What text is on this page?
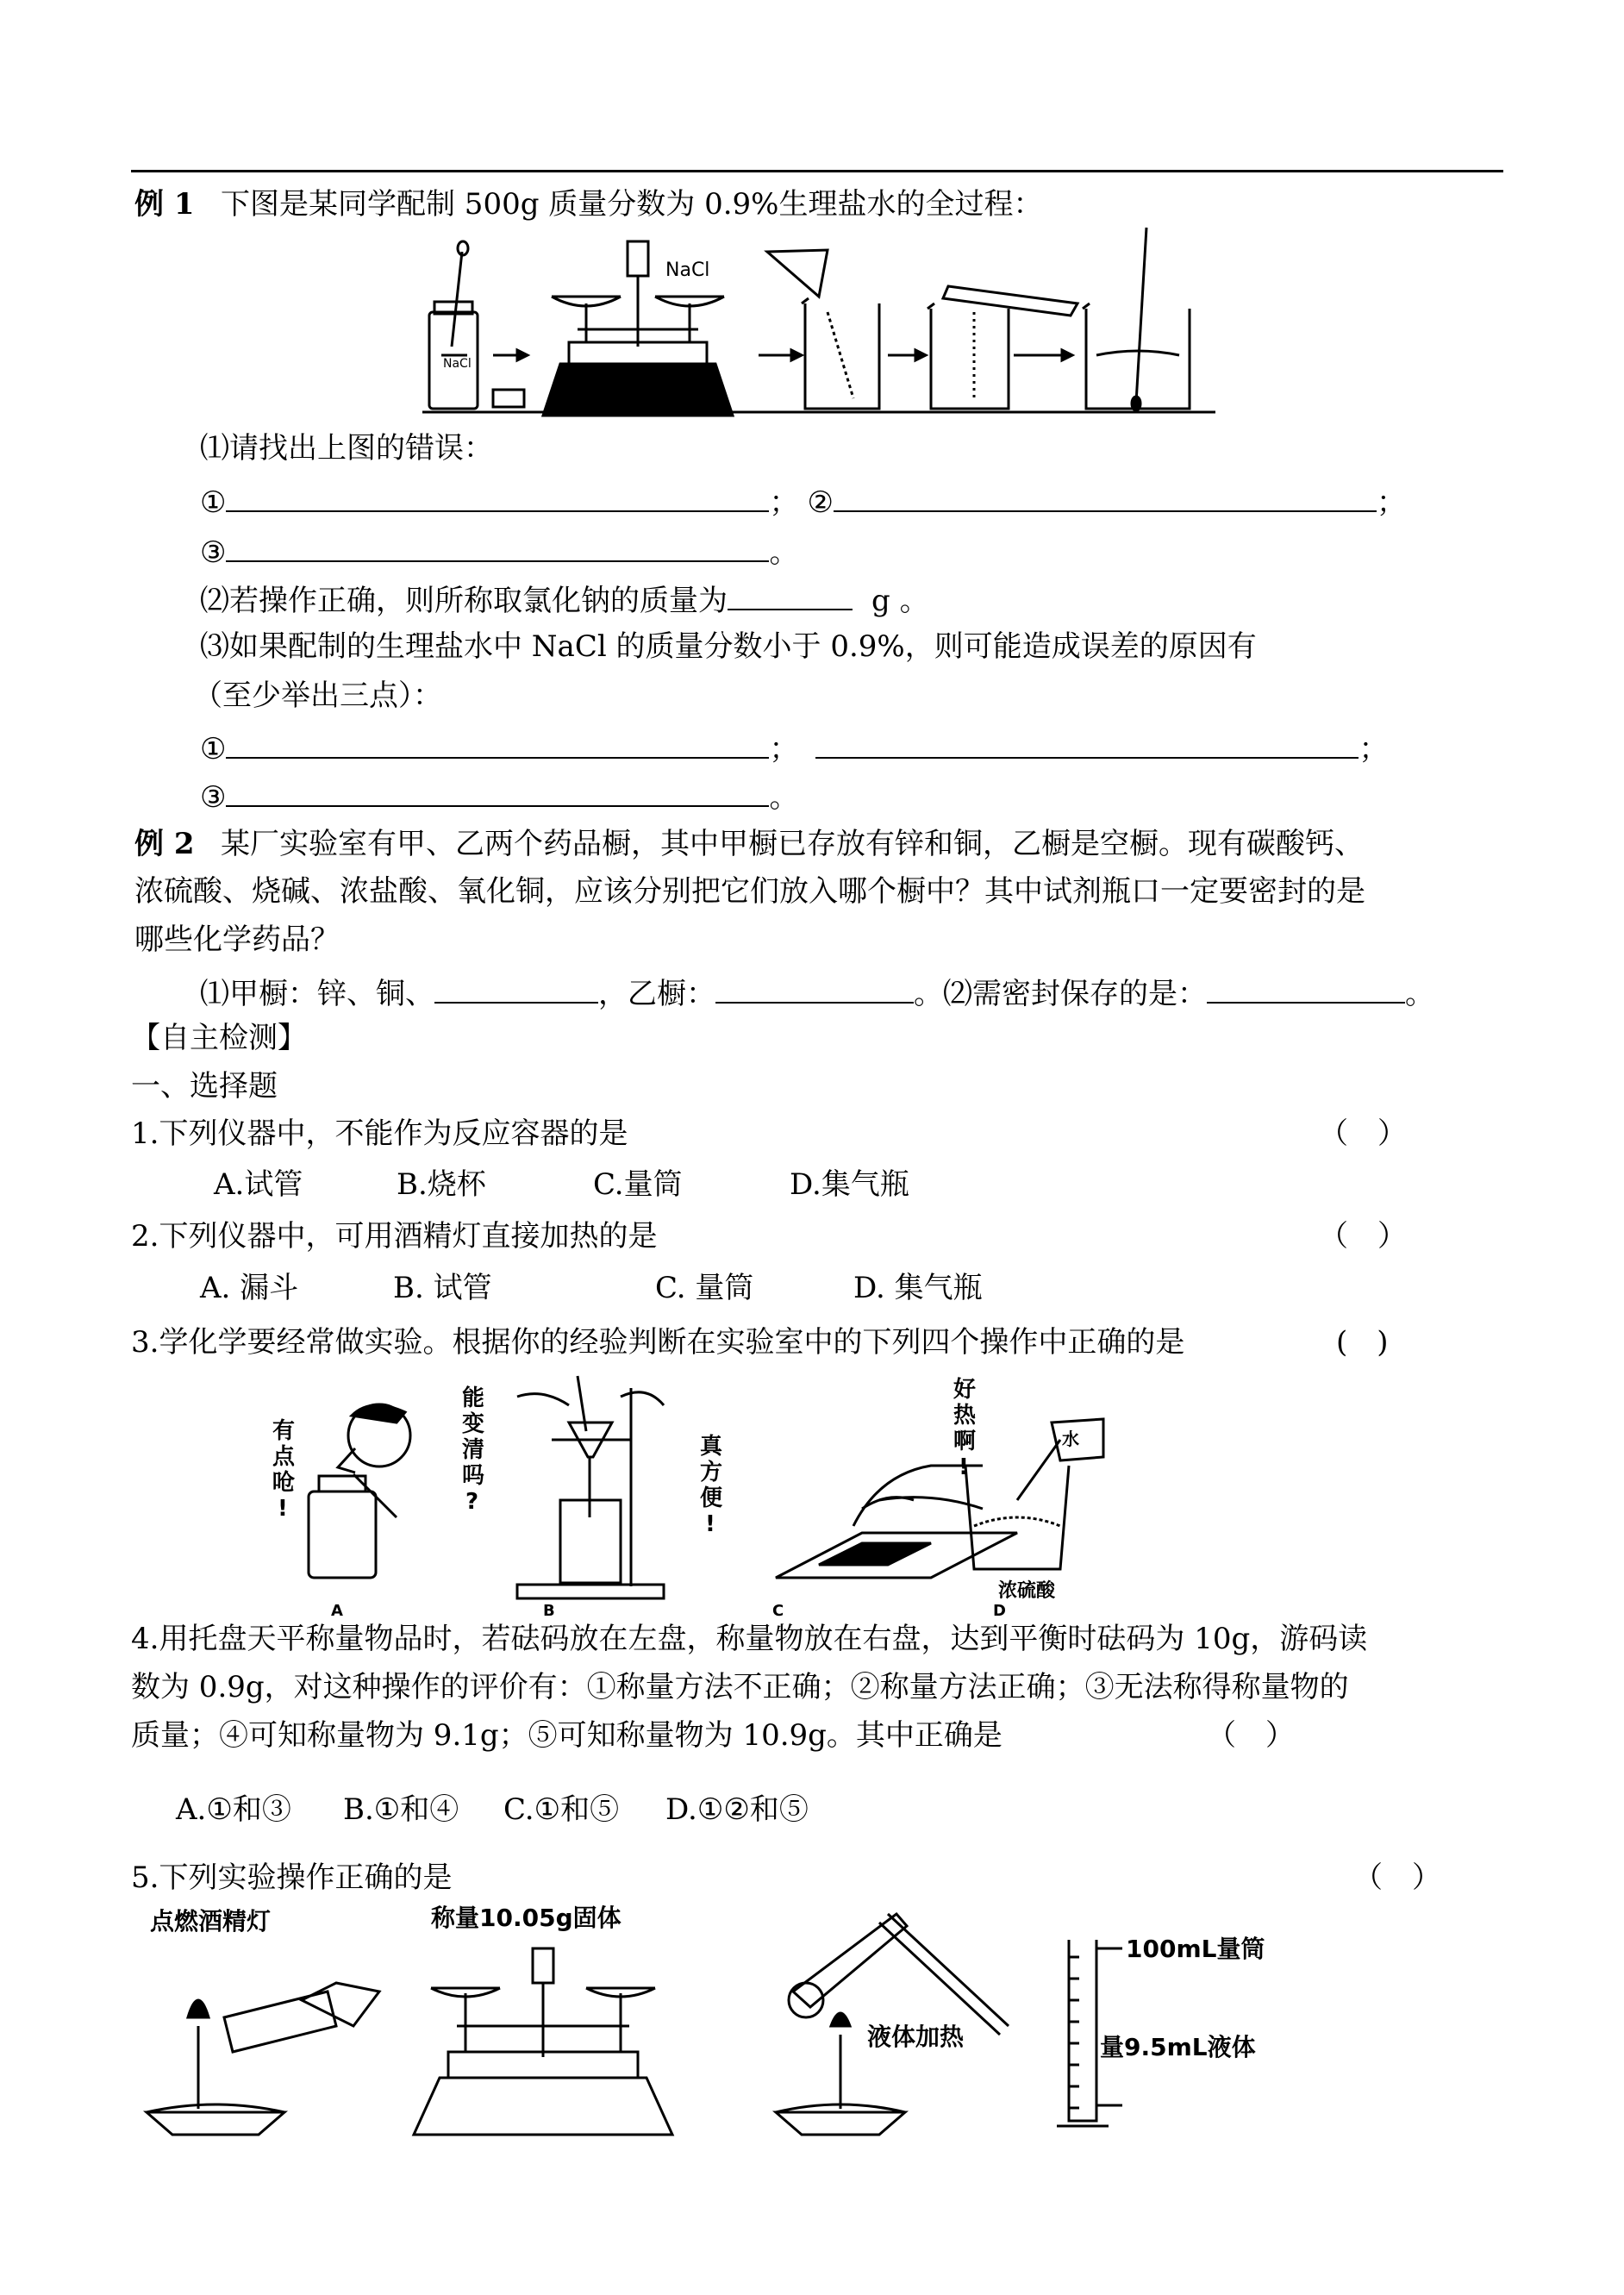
例 1 下图是某同学配制 500g 质量分数为 0.9%生理盐水的全过程：
NaCl
NaCl
⑴请找出上图的错误：
①	； ②	；
③	。
⑵若操作正确，则所称取氯化钠的质量为	g 。
⑶如果配制的生理盐水中 NaCl 的质量分数小于 0.9%，则可能造成误差的原因有
（至少举出三点）：
①	；	；
③	。
例 2 某厂实验室有甲、乙两个药品橱，其中甲橱已存放有锌和铜，乙橱是空橱。现有碳酸钙、
浓硫酸、烧碱、浓盐酸、氧化铜，应该分别把它们放入哪个橱中？其中试剂瓶口一定要密封的是
哪些化学药品？
⑴甲橱：锌、铜、	，乙橱：	。⑵需密封保存的是：	。
【自主检测】
一、选择题
1.下列仪器中，不能作为反应容器的是	（　）
A.试管	B.烧杯	C.量筒	D.集气瓶
2.下列仪器中，可用酒精灯直接加热的是	（　）
A. 漏斗	B. 试管	C. 量筒	D. 集气瓶
3.学化学要经常做实验。根据你的经验判断在实验室中的下列四个操作中正确的是	(　)
有
点
呛
!
能
变
清
吗
?
真
方
便
!
好
热
啊
!
水
浓硫酸
A	B	C	D
4.用托盘天平称量物品时，若砝码放在左盘，称量物放在右盘，达到平衡时砝码为 10g，游码读
数为 0.9g，对这种操作的评价有：①称量方法不正确；②称量方法正确；③无法称得称量物的
质量；④可知称量物为 9.1g；⑤可知称量物为 10.9g。其中正确是	（　）
A.①和③ B.①和④ C.①和⑤ D.①②和⑤
5.下列实验操作正确的是	（　）
点燃酒精灯	称量10.05g固体
液体加热
100mL量筒
量9.5mL液体
